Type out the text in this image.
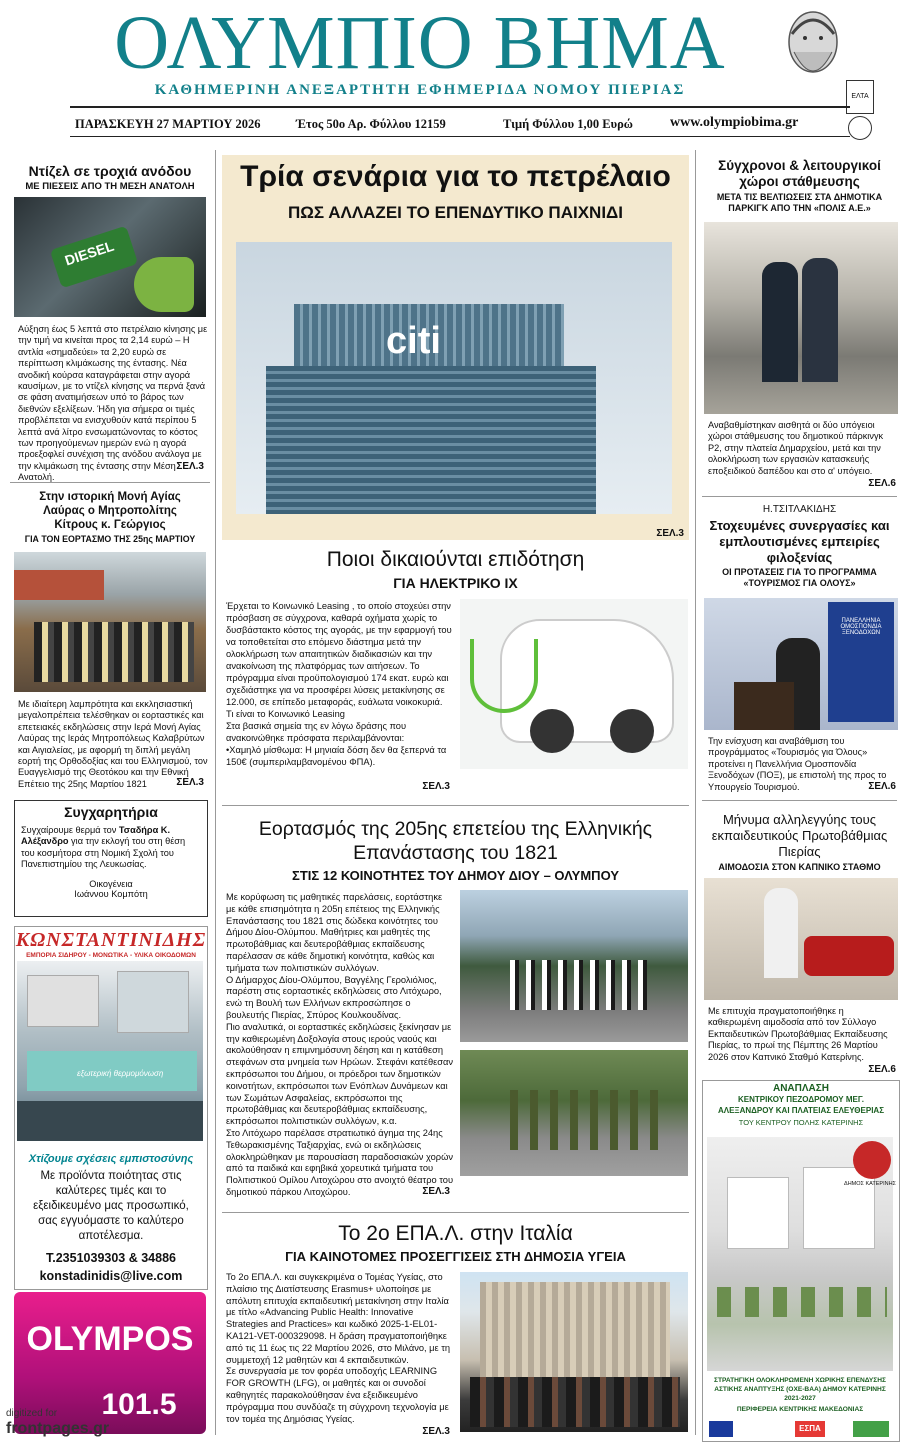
ΟΛΥΜΠΙΟ ΒΗΜΑ
ΕΛΤΑ
ΚΑΘΗΜΕΡΙΝΗ ΑΝΕΞΑΡΤΗΤΗ ΕΦΗΜΕΡΙΔΑ ΝΟΜΟΥ ΠΙΕΡΙΑΣ
ΠΑΡΑΣΚΕΥΗ 27 ΜΑΡΤΙΟΥ 2026	Έτος 50ο Αρ. Φύλλου 12159	Τιμή Φύλλου 1,00 Ευρώ	www.olympiobima.gr
Ντίζελ σε τροχιά ανόδου
ΜΕ ΠΙΕΣΕΙΣ ΑΠΟ ΤΗ ΜΕΣΗ ΑΝΑΤΟΛΗ
DIESEL
Αύξηση έως 5 λεπτά στο πετρέλαιο κίνησης με την τιμή να κινείται προς τα 2,14 ευρώ – Η αντλία «σημαδεύει» τα 2,20 ευρώ σε περίπτωση κλιμάκωσης της έντασης. Νέα ανοδική κούρσα καταγράφεται στην αγορά καυσίμων, με το ντίζελ κίνησης να περνά ξανά σε φάση ανατιμήσεων υπό το βάρος των διεθνών εξελίξεων. Ήδη για σήμερα οι τιμές προβλέπεται να ενισχυθούν κατά περίπου 5 λεπτά ανά λίτρο ενσωματώνοντας το κόστος των προηγούμενων ημερών ενώ η αγορά προεξοφλεί συνέχιση της ανόδου ανάλογα με την κλιμάκωση της έντασης στην Μέση Ανατολή.
ΣΕΛ.3
Στην ιστορική Μονή Αγίας Λαύρας ο Μητροπολίτης Κίτρους κ. Γεώργιος
ΓΙΑ ΤΟΝ ΕΟΡΤΑΣΜΟ ΤΗΣ 25ης ΜΑΡΤΙΟΥ
Με ιδιαίτερη λαμπρότητα και εκκλησιαστική μεγαλοπρέπεια τελέσθηκαν οι εορταστικές και επετειακές εκδηλώσεις στην Ιερά Μονή Αγίας Λαύρας της Ιεράς Μητροπόλεως Καλαβρύτων και Αιγιαλείας, με αφορμή τη διπλή μεγάλη εορτή της Ορθοδοξίας και του Ελληνισμού, τον Ευαγγελισμό της Θεοτόκου και την Εθνική Επέτειο της 25ης Μαρτίου 1821	ΣΕΛ.3
Συγχαρητήρια
Συγχαίρουμε θερμά τον Τσαδήρα Κ. Αλέξανδρο για την εκλογή του στη θέση του κοσμήτορα στη Νομική Σχολή του Πανεπιστημίου της Λευκωσίας.
Οικογένεια
Ιωάννου Κομπότη
ΚΩΝΣΤΑΝΤΙΝΙΔΗΣ
ΕΜΠΟΡΙΑ ΣΙΔΗΡΟΥ - ΜΟΝΩΤΙΚΑ - ΥΛΙΚΑ ΟΙΚΟΔΟΜΩΝ
εξωτερική θερμομόνωση
Χτίζουμε σχέσεις εμπιστοσύνης
Με προϊόντα ποιότητας στις καλύτερες τιμές και το εξειδικευμένο μας προσωπικό, σας εγγυόμαστε το καλύτερο αποτέλεσμα.
Τ.2351039303 & 34886
konstadinidis@live.com
OLYMPOS
101.5
digitized for
frontpages.gr
Τρία σενάρια για το πετρέλαιο
ΠΩΣ ΑΛΛΑΖΕΙ ΤΟ ΕΠΕΝΔΥΤΙΚΟ ΠΑΙΧΝΙΔΙ
citi
ΣΕΛ.3
Ποιοι δικαιούνται επιδότηση
ΓΙΑ ΗΛΕΚΤΡΙΚΟ ΙΧ
Έρχεται το Κοινωνικό Leasing , το οποίο στοχεύει στην πρόσβαση σε σύγχρονα, καθαρά οχήματα χωρίς το δυσβάστακτο κόστος της αγοράς, με την εφαρμογή του να τοποθετείται στο επόμενο διάστημα μετά την ολοκλήρωση των απαιτητικών διαδικασιών και την ανακοίνωση της πλατφόρμας των αιτήσεων. Το πρόγραμμα είναι προϋπολογισμού 174 εκατ. ευρώ και σχεδιάστηκε για να προσφέρει λύσεις μετακίνησης σε 12.000, σε επίπεδο μεταφοράς, ευάλωτα νοικοκυριά.
Τι είναι το Κοινωνικό Leasing
Στα βασικά σημεία της εν λόγω δράσης που ανακοινώθηκε πρόσφατα περιλαμβάνονται:
•Χαμηλό μίσθωμα: Η μηνιαία δόση δεν θα ξεπερνά τα 150€ (συμπεριλαμβανομένου ΦΠΑ).
ΣΕΛ.3
Εορτασμός της 205ης επετείου της Ελληνικής Επανάστασης του 1821
ΣΤΙΣ 12 ΚΟΙΝΟΤΗΤΕΣ ΤΟΥ ΔΗΜΟΥ ΔΙΟΥ – ΟΛΥΜΠΟΥ
Με κορύφωση τις μαθητικές παρελάσεις, εορτάστηκε με κάθε επισημότητα η 205η επέτειος της Ελληνικής Επανάστασης του 1821 στις δώδεκα κοινότητες του Δήμου Δίου-Ολύμπου. Μαθήτριες και μαθητές της πρωτοβάθμιας και δευτεροβάθμιας εκπαίδευσης παρέλασαν σε κάθε δημοτική κοινότητα, καθώς και τμήματα των πολιτιστικών συλλόγων.
Ο Δήμαρχος Δίου-Ολύμπου, Βαγγέλης Γερολιόλιος, παρέστη στις εορταστικές εκδηλώσεις στο Λιτόχωρο, ενώ τη Βουλή των Ελλήνων εκπροσώπησε ο βουλευτής Πιερίας, Σπύρος Κουλκουδίνας.
Πιο αναλυτικά, οι εορταστικές εκδηλώσεις ξεκίνησαν με την καθιερωμένη Δοξολογία στους ιερούς ναούς και ακολούθησαν η επιμνημόσυνη δέηση και η κατάθεση στεφάνων στα μνημεία των Ηρώων. Στεφάνι κατέθεσαν εκπρόσωποι του Δήμου, οι πρόεδροι των δημοτικών κοινοτήτων, εκπρόσωποι των Ενόπλων Δυνάμεων και των Σωμάτων Ασφαλείας, εκπρόσωποι της πρωτοβάθμιας και δευτεροβάθμιας εκπαίδευσης, εκπρόσωποι πολιτιστικών συλλόγων, κ.α.
Στο Λιτόχωρο παρέλασε στρατιωτικό άγημα της 24ης Τεθωρακισμένης Ταξιαρχίας, ενώ οι εκδηλώσεις ολοκληρώθηκαν με παρουσίαση παραδοσιακών χορών από τα παιδικά και εφηβικά χορευτικά τμήματα του Πολιτιστικού Ομίλου Λιτοχώρου στο ανοιχτό θέατρο του δημοτικού πάρκου Λιτοχώρου.	ΣΕΛ.3
Το 2ο ΕΠΑ.Λ. στην Ιταλία
ΓΙΑ ΚΑΙΝΟΤΟΜΕΣ ΠΡΟΣΕΓΓΙΣΕΙΣ ΣΤΗ ΔΗΜΟΣΙΑ ΥΓΕΙΑ
Το 2ο ΕΠΑ.Λ. και συγκεκριμένα ο Τομέας Υγείας, στο πλαίσιο της Διατίστευσης Erasmus+ υλοποίησε με απόλυτη επιτυχία εκπαιδευτική μετακίνηση στην Ιταλία με τίτλο «Advancing Public Health: Innovative Strategies and Practices» και κωδικό 2025-1-EL01-KA121-VET-000329098. Η δράση πραγματοποιήθηκε από τις 11 έως τις 22 Μαρτίου 2026, στο Μιλάνο, με τη συμμετοχή 12 μαθητών και 4 εκπαιδευτικών.
Σε συνεργασία με τον φορέα υποδοχής LEARNING FOR GROWTH (LFG), οι μαθητές και οι συνοδοί καθηγητές παρακολούθησαν ένα εξειδικευμένο πρόγραμμα που συνδύαζε τη σύγχρονη τεχνολογία με τον τομέα της Δημόσιας Υγείας.
ΣΕΛ.3
Σύγχρονοι & λειτουργικοί χώροι στάθμευσης
ΜΕΤΑ ΤΙΣ ΒΕΛΤΙΩΣΕΙΣ ΣΤΑ ΔΗΜΟΤΙΚΑ ΠΑΡΚΙΓΚ ΑΠΟ ΤΗΝ «ΠΟΛΙΣ Α.Ε.»
Αναβαθμίστηκαν αισθητά οι δύο υπόγειοι χώροι στάθμευσης του δημοτικού πάρκινγκ Ρ2, στην πλατεία Δημαρχείου, μετά και την ολοκλήρωση των εργασιών κατασκευής εποξειδικού δαπέδου και στο α' υπόγειο.
ΣΕΛ.6
Η.ΤΣΙΤΛΑΚΙΔΗΣ
Στοχευμένες συνεργασίες και εμπλουτισμένες εμπειρίες φιλοξενίας
ΟΙ ΠΡΟΤΑΣΕΙΣ ΓΙΑ ΤΟ ΠΡΟΓΡΑΜΜΑ «ΤΟΥΡΙΣΜΟΣ ΓΙΑ ΟΛΟΥΣ»
ΠΑΝΕΛΛΗΝΙΑ ΟΜΟΣΠΟΝΔΙΑ ΞΕΝΟΔΟΧΩΝ
Την ενίσχυση και αναβάθμιση του προγράμματος «Τουρισμός για Όλους» προτείνει η Πανελλήνια Ομοσπονδία Ξενοδόχων (ΠΟΞ), με επιστολή της προς το Υπουργείο Τουρισμού.	ΣΕΛ.6
Μήνυμα αλληλεγγύης τους εκπαιδευτικούς Πρωτοβάθμιας Πιερίας
ΑΙΜΟΔΟΣΙΑ ΣΤΟΝ ΚΑΠΝΙΚΟ ΣΤΑΘΜΟ
Με επιτυχία πραγματοποιήθηκε η καθιερωμένη αιμοδοσία από τον Σύλλογο Εκπαιδευτικών Πρωτοβάθμιας Εκπαίδευσης Πιερίας, το πρωί της Πέμπτης 26 Μαρτίου 2026 στον Καπνικό Σταθμό Κατερίνης.
ΣΕΛ.6
ΑΝΑΠΛΑΣΗ
ΚΕΝΤΡΙΚΟΥ ΠΕΖΟΔΡΟΜΟΥ ΜΕΓ. ΑΛΕΞΑΝΔΡΟΥ ΚΑΙ ΠΛΑΤΕΙΑΣ ΕΛΕΥΘΕΡΙΑΣ
ΤΟΥ ΚΕΝΤΡΟΥ ΠΟΛΗΣ ΚΑΤΕΡΙΝΗΣ
ΔΗΜΟΣ ΚΑΤΕΡΙΝΗΣ
ΣΤΡΑΤΗΓΙΚΗ ΟΛΟΚΛΗΡΩΜΕΝΗ ΧΩΡΙΚΗΣ ΕΠΕΝΔΥΣΗΣ ΑΣΤΙΚΗΣ ΑΝΑΠΤΥΞΗΣ (ΟΧΕ-ΒΑΑ) ΔΗΜΟΥ ΚΑΤΕΡΙΝΗΣ 2021-2027
ΠΕΡΙΦΕΡΕΙΑ ΚΕΝΤΡΙΚΗΣ ΜΑΚΕΔΟΝΙΑΣ
ΕΣΠΑ
